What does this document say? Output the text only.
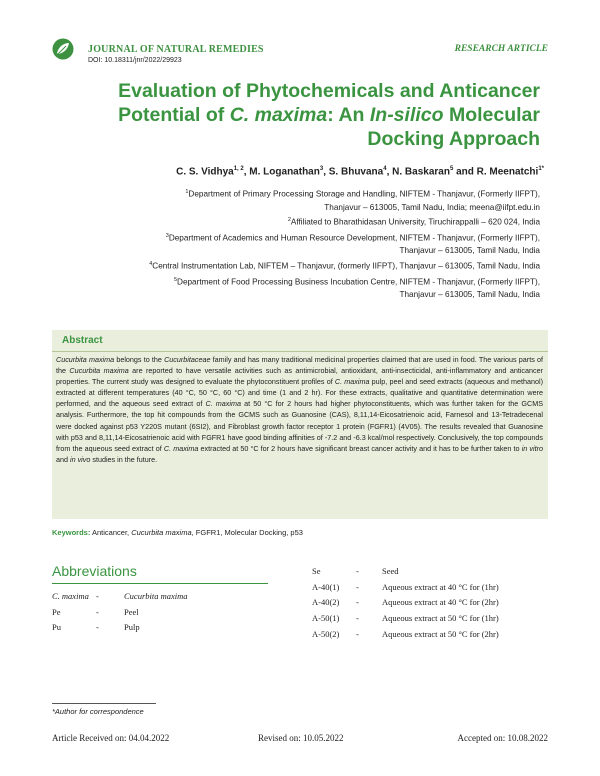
JOURNAL OF NATURAL REMEDIES
DOI: 10.18311/jnr/2022/29923
RESEARCH ARTICLE
Evaluation of Phytochemicals and Anticancer
Potential of C. maxima: An In-silico Molecular
Docking Approach
C. S. Vidhya$^{1, 2}$, M. Loganathan$^3$, S. Bhuvana$^4$, N. Baskaran$^5$ and R. Meenatchi$^{1*}$
$^1$Department of Primary Processing Storage and Handling, NIFTEM - Thanjavur, (Formerly IIFPT),
Thanjavur – 613005, Tamil Nadu, India; meena@iifpt.edu.in
$^2$Affiliated to Bharathidasan University, Tiruchirappalli – 620 024, India
$^3$Department of Academics and Human Resource Development, NIFTEM - Thanjavur, (Formerly IIFPT),
Thanjavur – 613005, Tamil Nadu, India
$^4$Central Instrumentation Lab, NIFTEM – Thanjavur, (formerly IIFPT), Thanjavur – 613005, Tamil Nadu, India
$^5$Department of Food Processing Business Incubation Centre, NIFTEM - Thanjavur, (Formerly IIFPT),
Thanjavur – 613005, Tamil Nadu, India
Abstract
Cucurbita maxima belongs to the Cucurbitaceae family and has many traditional medicinal properties claimed that are used in food. The various parts of the Cucurbita maxima are reported to have versatile activities such as antimicrobial, antioxidant, anti-insecticidal, anti-inflammatory and anticancer properties. The current study was designed to evaluate the phytoconstituent profiles of C. maxima pulp, peel and seed extracts (aqueous and methanol) extracted at different temperatures (40 °C, 50 °C, 60 °C) and time (1 and 2 hr). For these extracts, qualitative and quantitative determination were performed, and the aqueous seed extract of C. maxima at 50 °C for 2 hours had higher phytoconstituents, which was further taken for the GCMS analysis. Furthermore, the top hit compounds from the GCMS such as Guanosine (CAS), 8,11,14-Eicosatrienoic acid, Farnesol and 13-Tetradecenal were docked against p53 Y220S mutant (6SI2), and Fibroblast growth factor receptor 1 protein (FGFR1) (4V05). The results revealed that Guanosine with p53 and 8,11,14-Eicosatrienoic acid with FGFR1 have good binding affinities of -7.2 and -6.3 kcal/mol respectively. Conclusively, the top compounds from the aqueous seed extract of C. maxima extracted at 50 °C for 2 hours have significant breast cancer activity and it has to be further taken to in vitro and in vivo studies in the future.
Keywords: Anticancer, Cucurbita maxima, FGFR1, Molecular Docking, p53
Abbreviations
*Author for correspondence
Article Received on: 04.04.2022	Revised on: 10.05.2022	Accepted on: 10.08.2022
C. maxima -	Cucurbita maxima
Pe	-	Peel
Pu	-	Pulp
Se	-	Seed
A-40(1) -	Aqueous extract at 40 °C for (1hr)
A-40(2) -	Aqueous extract at 40 °C for (2hr)
A-50(1) -	Aqueous extract at 50 °C for (1hr)
A-50(2) -	Aqueous extract at 50 °C for (2hr)
